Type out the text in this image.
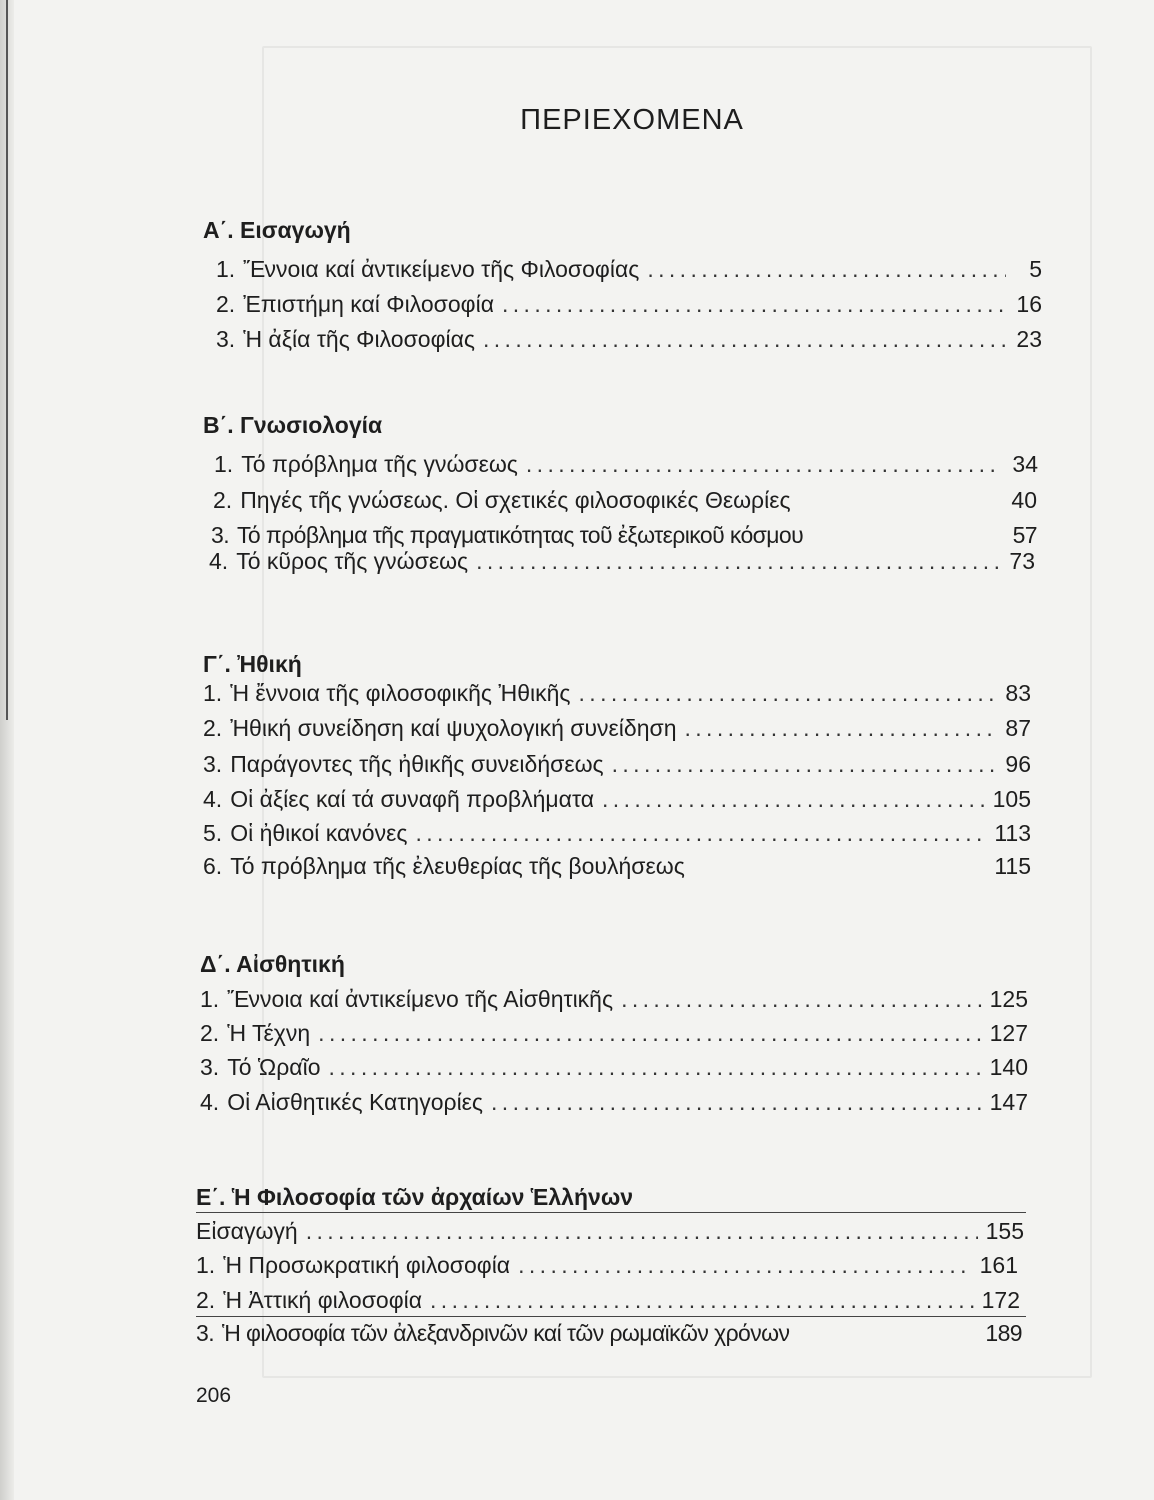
ΠΕΡΙΕΧΟΜΕΝΑ
Α΄. Εισαγωγή
1. Ἔννοια καί ἀντικείμενο τῆς Φιλοσοφίας . . .	5
2. Ἐπιστήμη καί Φιλοσοφία . . .	16
3. Ἡ ἀξία τῆς Φιλοσοφίας . . .	23
Β΄. Γνωσιολογία
1. Τό πρόβλημα τῆς γνώσεως . . .	34
2. Πηγές τῆς γνώσεως. Οἱ σχετικές φιλοσοφικές Θεωρίες	40
3. Τό πρόβλημα τῆς πραγματικότητας τοῦ ἐξωτερικοῦ κόσμου	57
4. Τό κῦρος τῆς γνώσεως . . .	73
Γ΄. Ἠθική
1. Ἡ ἔννοια τῆς φιλοσοφικῆς Ἠθικῆς . . .	83
2. Ἠθική συνείδηση καί ψυχολογική συνείδηση . . .	87
3. Παράγοντες τῆς ἠθικῆς συνειδήσεως . . .	96
4. Οἱ ἀξίες καί τά συναφῆ προβλήματα . . .	105
5. Οἱ ἠθικοί κανόνες . . .	113
6. Τό πρόβλημα τῆς ἐλευθερίας τῆς βουλήσεως	115
Δ΄. Αἰσθητική
1. Ἔννοια καί ἀντικείμενο τῆς Αἰσθητικῆς . . .	125
2. Ἡ Τέχνη . . .	127
3. Τό Ὡραῖο . . .	140
4. Οἱ Αἰσθητικές Κατηγορίες . . .	147
Ε΄. Ἡ Φιλοσοφία τῶν ἀρχαίων Ἑλλήνων
Εἰσαγωγή . . .	155
1. Ἡ Προσωκρατική φιλοσοφία . . .	161
2. Ἡ Ἀττική φιλοσοφία . . .	172
3. Ἡ φιλοσοφία τῶν ἀλεξανδρινῶν καί τῶν ρωμαϊκῶν χρόνων	189
206
